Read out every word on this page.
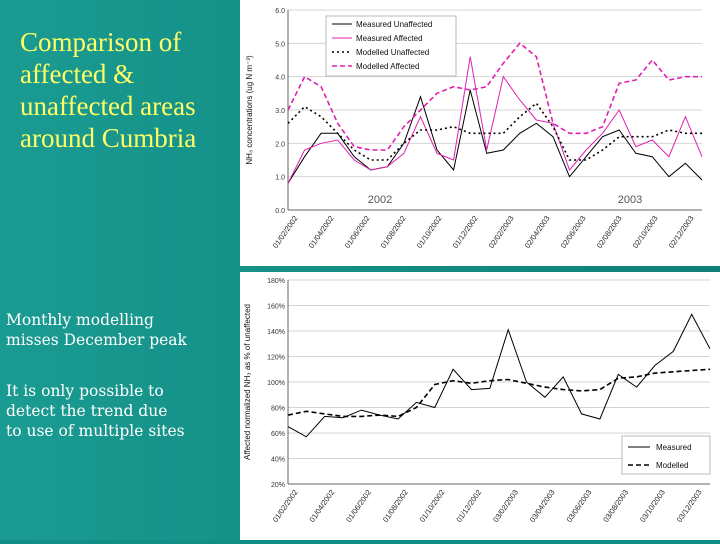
Comparison of
affected &
unaffected areas
around Cumbria
Monthly modelling
misses December peak
It is only possible to
detect the trend due
to use of multiple sites
0.0
1.0
2.0
3.0
4.0
5.0
6.0
NH₃ concentrations (ug N m⁻³)
01/02/2002 01/04/2002 01/06/2002 01/08/2002 01/10/2002 01/12/2002 02/02/2003 02/04/2003 02/06/2003 02/08/2003 02/10/2003 02/12/2003
Measured Unaffected
Measured Affected
Modelled Unaffected
Modelled Affected
2002	2003
20%
40%
60%
80%
100%
120%
140%
160%
180%
Affected normalized NH₃ as % of unaffected
01/02/2002 01/04/2002 01/06/2002 01/08/2002 01/10/2002 01/12/2002 03/02/2003 03/04/2003 03/06/2003 03/08/2003 03/10/2003 03/12/2003
Measured
Modelled
